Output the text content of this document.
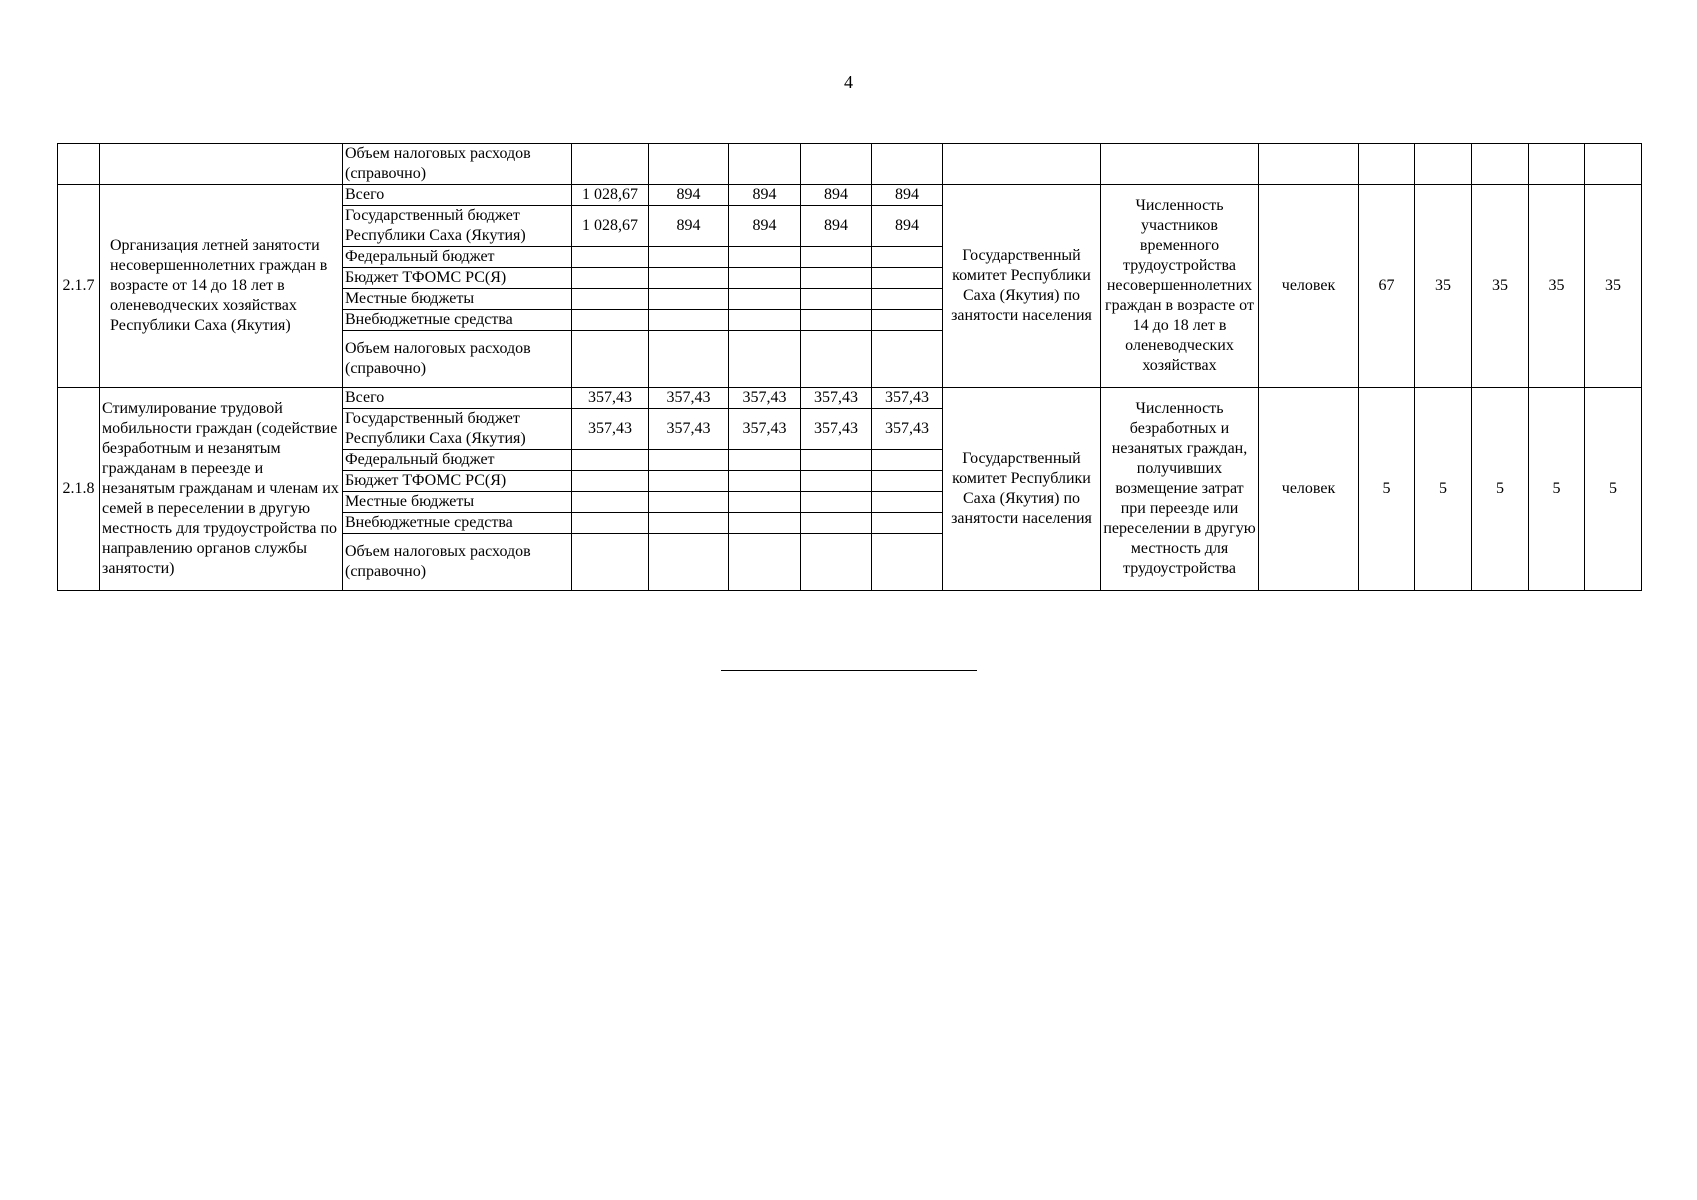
4
		Объем налоговых расходов (справочно)													
2.1.7	Организация летней занятости несовершеннолетних граждан в возрасте от 14 до 18 лет в оленеводческих хозяйствах Республики Саха (Якутия)	Всего	1 028,67	894	894	894	894	Государственный комитет Республики Саха (Якутия) по занятости населения	Численность участников временного трудоустройства несовершеннолетних граждан в возрасте от 14 до 18 лет в оленеводческих хозяйствах	человек	67	35	35	35	35
		Государственный бюджет Республики Саха (Якутия)	1 028,67	894	894	894	894								
		Федеральный бюджет													
		Бюджет ТФОМС РС(Я)													
		Местные бюджеты													
		Внебюджетные средства													
		Объем налоговых расходов (справочно)													
2.1.8	Стимулирование трудовой мобильности граждан (содействие безработным и незанятым гражданам в переезде и незанятым гражданам и членам их семей в переселении в другую местность для трудоустройства по направлению органов службы занятости)	Всего	357,43	357,43	357,43	357,43	357,43	Государственный комитет Республики Саха (Якутия) по занятости населения	Численность безработных и незанятых граждан, получивших возмещение затрат при переезде или переселении в другую местность для трудоустройства	человек	5	5	5	5	5
		Государственный бюджет Республики Саха (Якутия)	357,43	357,43	357,43	357,43	357,43								
		Федеральный бюджет													
		Бюджет ТФОМС РС(Я)													
		Местные бюджеты													
		Внебюджетные средства													
		Объем налоговых расходов (справочно)													
